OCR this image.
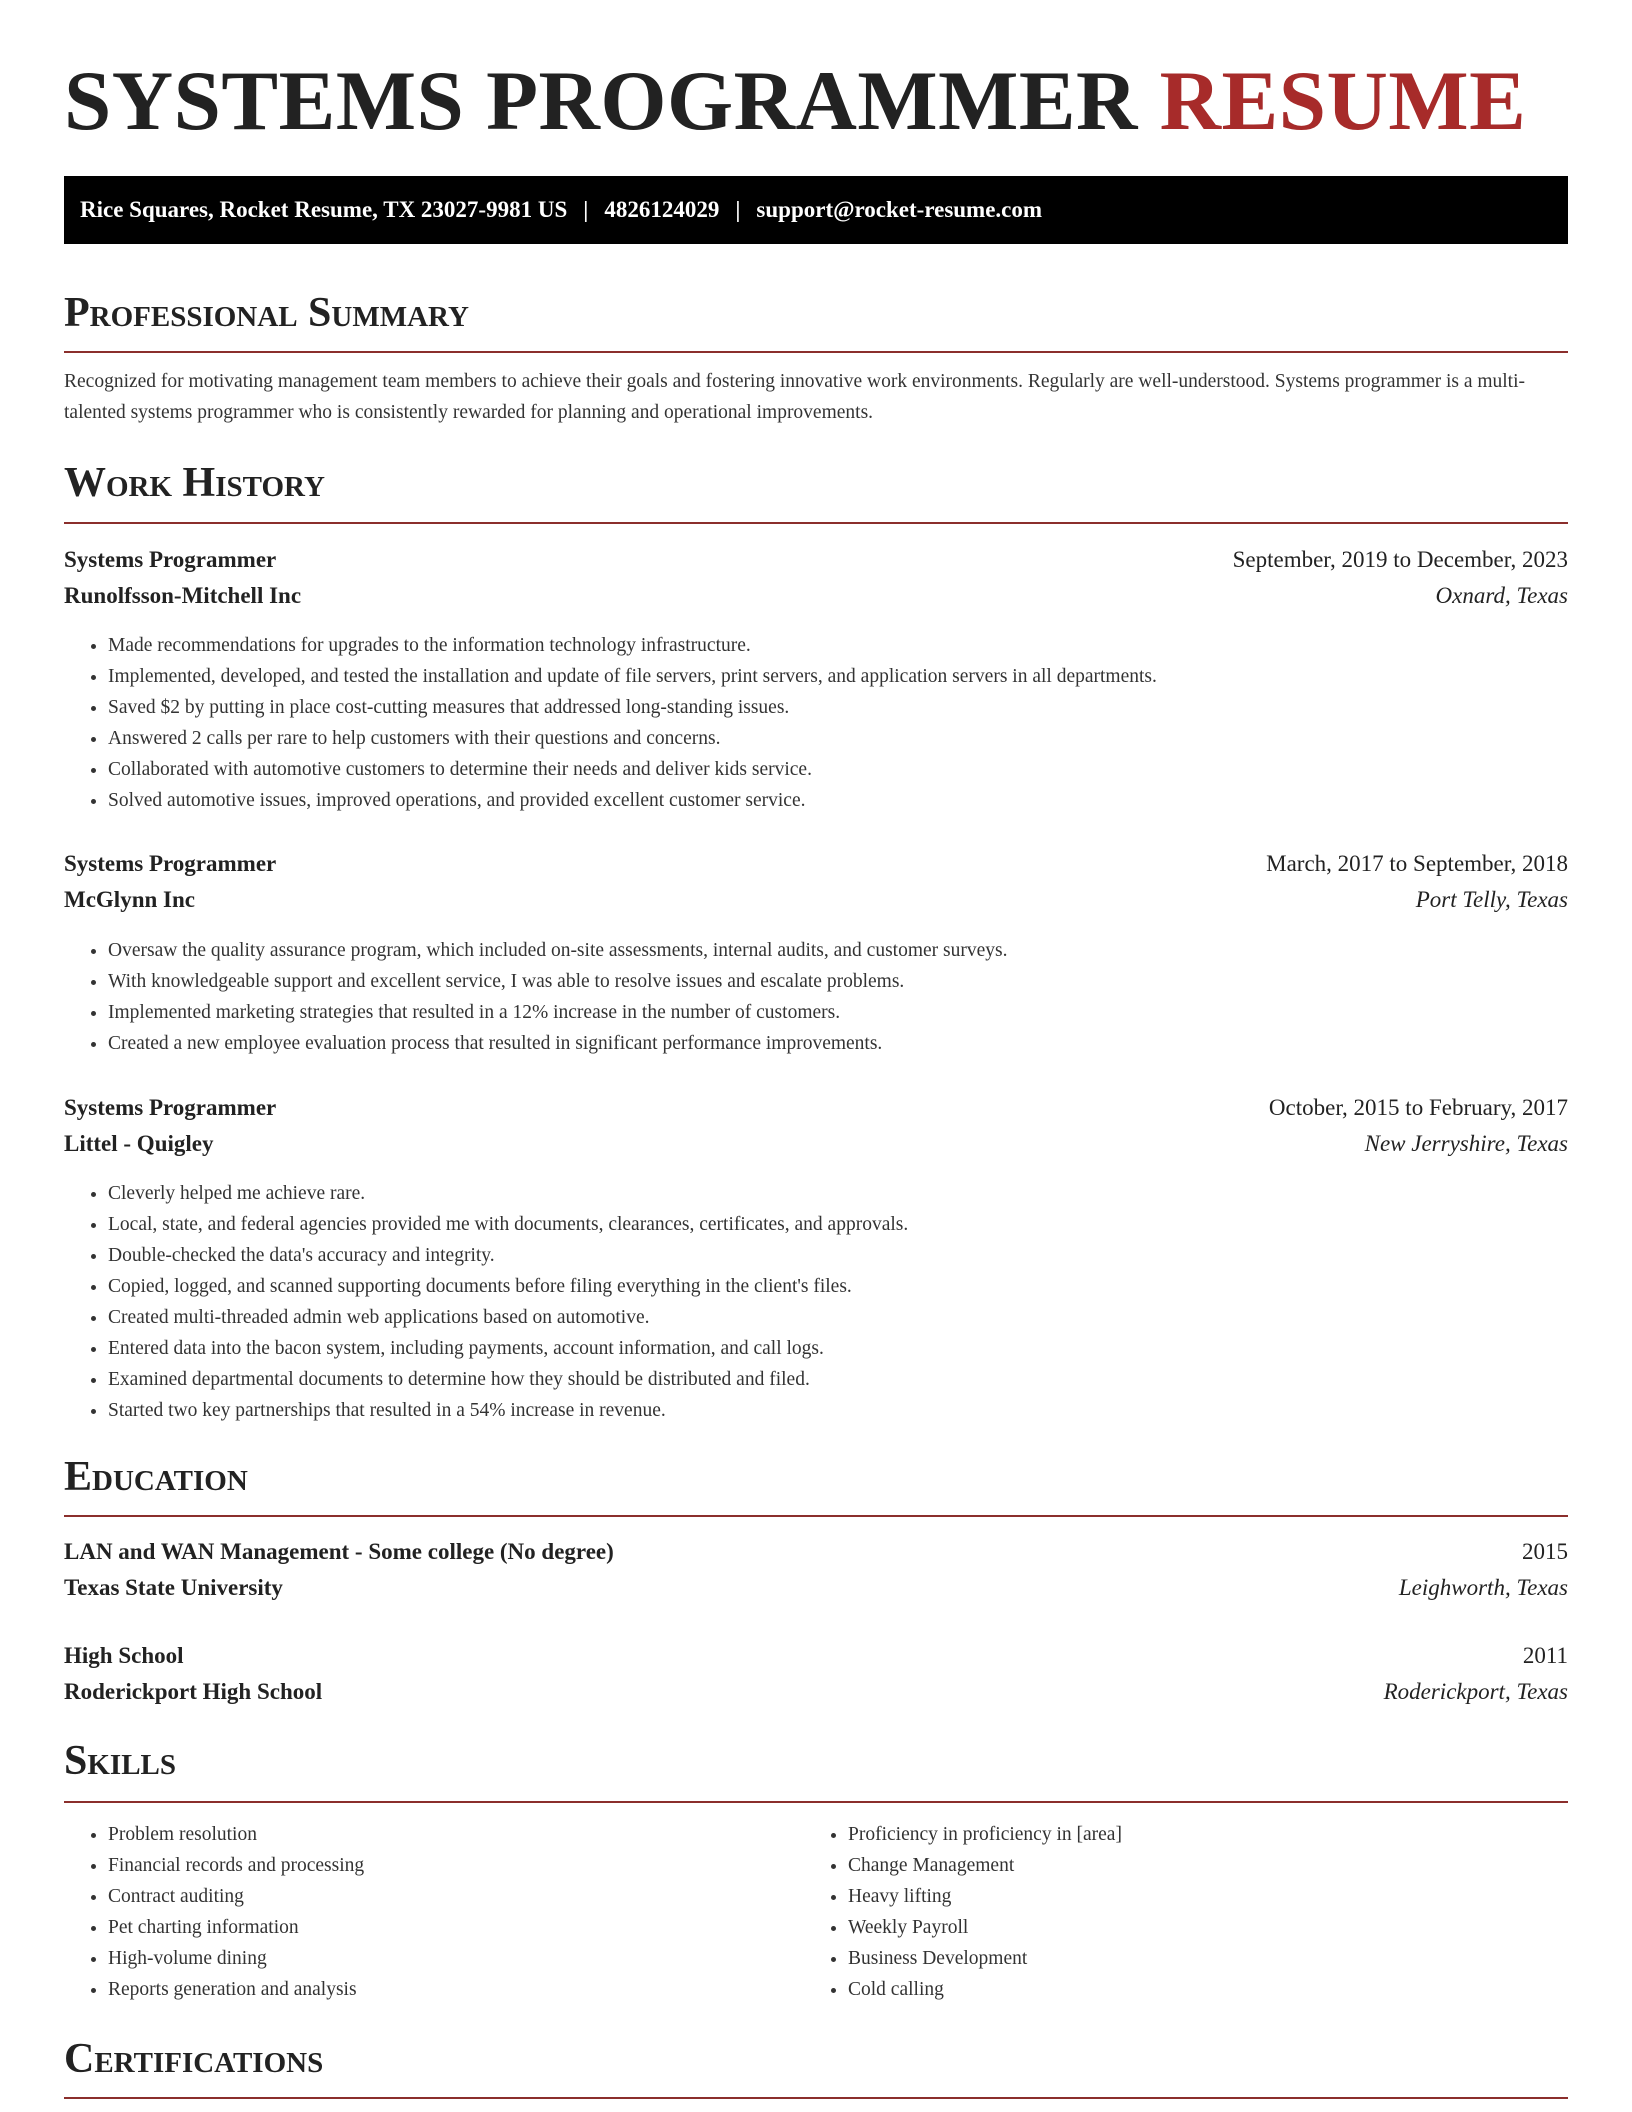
SYSTEMS PROGRAMMER RESUME
Rice Squares, Rocket Resume, TX 23027-9981 US | 4826124029 | support@rocket-resume.com
Professional Summary

Recognized for motivating management team members to achieve their goals and fostering innovative work environments. Regularly are well-understood. Systems programmer is a multi-talented systems programmer who is consistently rewarded for planning and operational improvements.

Work History
Systems Programmer	September, 2019 to December, 2023
Runolfsson-Mitchell Inc	Oxnard, Texas
• Made recommendations for upgrades to the information technology infrastructure.
• Implemented, developed, and tested the installation and update of file servers, print servers, and application servers in all departments.
• Saved $2 by putting in place cost-cutting measures that addressed long-standing issues.
• Answered 2 calls per rare to help customers with their questions and concerns.
• Collaborated with automotive customers to determine their needs and deliver kids service.
• Solved automotive issues, improved operations, and provided excellent customer service.
Systems Programmer	March, 2017 to September, 2018
McGlynn Inc	Port Telly, Texas
• Oversaw the quality assurance program, which included on-site assessments, internal audits, and customer surveys.
• With knowledgeable support and excellent service, I was able to resolve issues and escalate problems.
• Implemented marketing strategies that resulted in a 12% increase in the number of customers.
• Created a new employee evaluation process that resulted in significant performance improvements.
Systems Programmer	October, 2015 to February, 2017
Littel - Quigley	New Jerryshire, Texas
• Cleverly helped me achieve rare.
• Local, state, and federal agencies provided me with documents, clearances, certificates, and approvals.
• Double-checked the data's accuracy and integrity.
• Copied, logged, and scanned supporting documents before filing everything in the client's files.
• Created multi-threaded admin web applications based on automotive.
• Entered data into the bacon system, including payments, account information, and call logs.
• Examined departmental documents to determine how they should be distributed and filed.
• Started two key partnerships that resulted in a 54% increase in revenue.
Education
LAN and WAN Management - Some college (No degree)	2015
Texas State University	Leighworth, Texas
High School	2011
Roderickport High School	Roderickport, Texas
Skills
• Problem resolution
• Financial records and processing
• Contract auditing
• Pet charting information
• High-volume dining
• Reports generation and analysis
• Proficiency in proficiency in [area]
• Change Management
• Heavy lifting
• Weekly Payroll
• Business Development
• Cold calling
Certifications
